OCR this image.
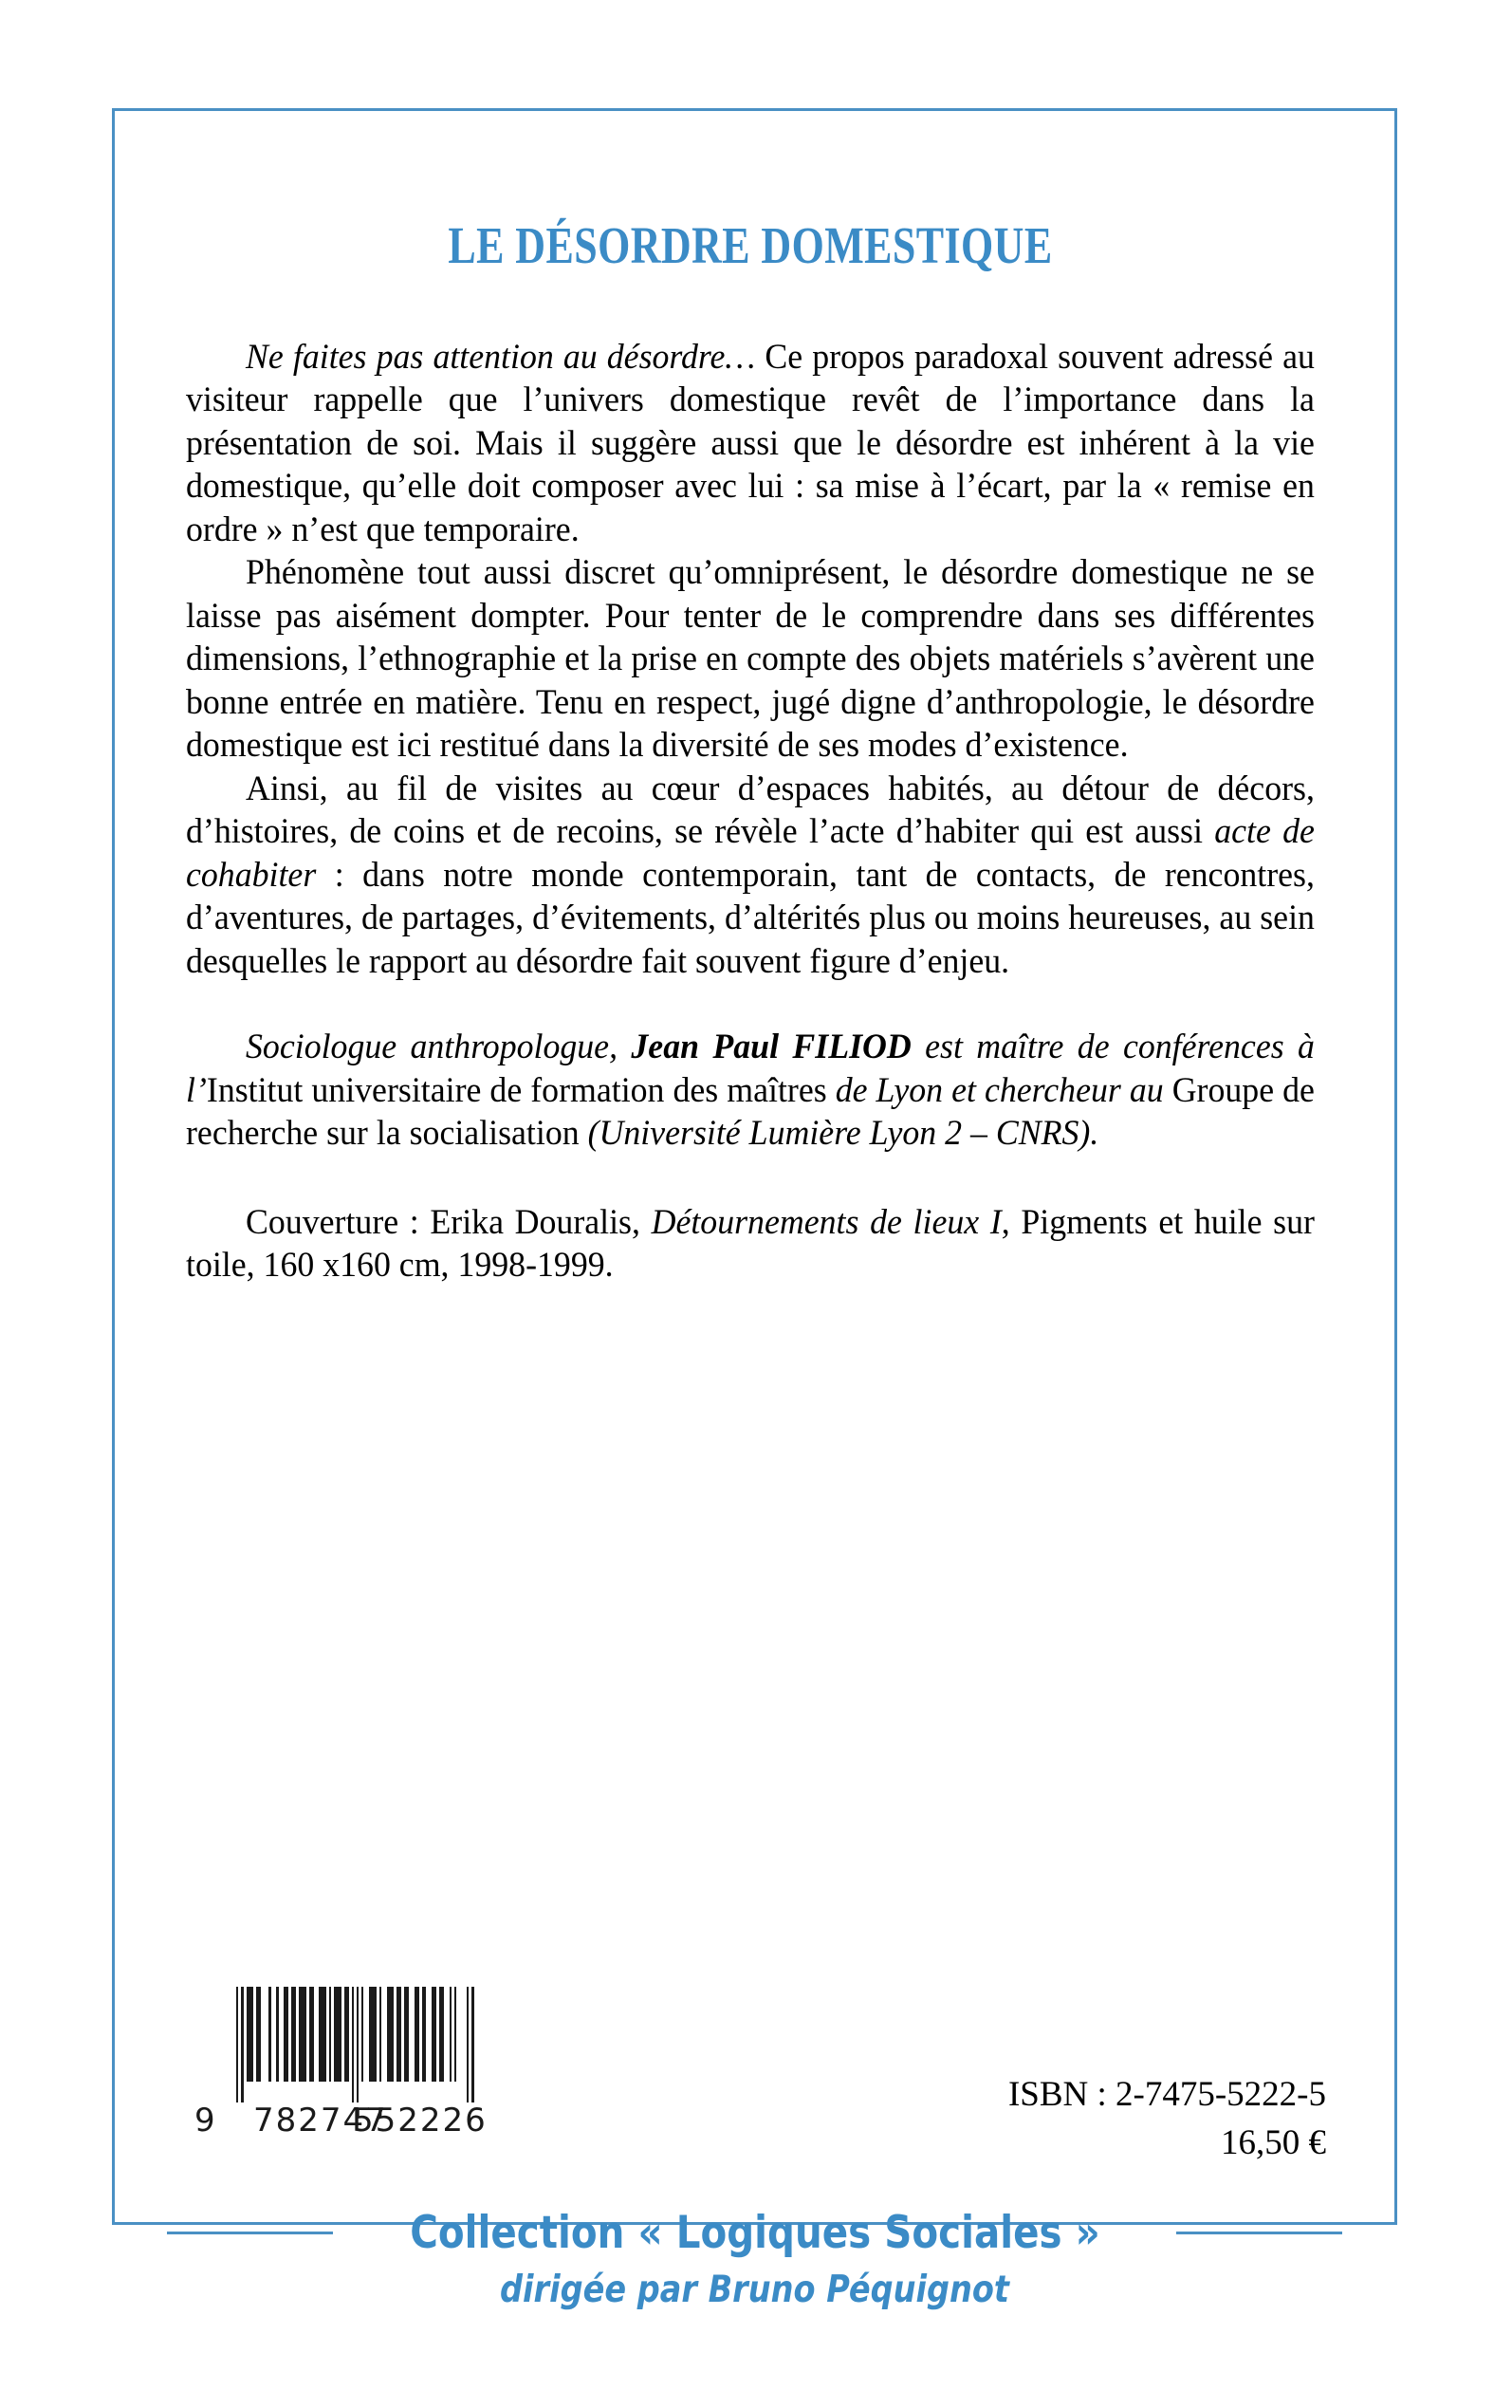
LE DÉSORDRE DOMESTIQUE

Ne faites pas attention au désordre… Ce propos paradoxal souvent adressé au visiteur rappelle que l’univers domestique revêt de l’importance dans la présentation de soi. Mais il suggère aussi que le désordre est inhérent à la vie domestique, qu’elle doit composer avec lui : sa mise à l’écart, par la « remise en ordre » n’est que temporaire.

Phénomène tout aussi discret qu’omniprésent, le désordre domestique ne se laisse pas aisément dompter. Pour tenter de le comprendre dans ses différentes dimensions, l’ethnographie et la prise en compte des objets matériels s’avèrent une bonne entrée en matière. Tenu en respect, jugé digne d’anthropologie, le désordre domestique est ici restitué dans la diversité de ses modes d’existence.

Ainsi, au fil de visites au cœur d’espaces habités, au détour de décors, d’histoires, de coins et de recoins, se révèle l’acte d’habiter qui est aussi acte de cohabiter : dans notre monde contemporain, tant de contacts, de rencontres, d’aventures, de partages, d’évitements, d’altérités plus ou moins heureuses, au sein desquelles le rapport au désordre fait souvent figure d’enjeu.

Sociologue anthropologue, Jean Paul FILIOD est maître de conférences à l’Institut universitaire de formation des maîtres de Lyon et chercheur au Groupe de recherche sur la socialisation (Université Lumière Lyon 2 – CNRS).

Couverture : Erika Douralis, Détournements de lieux I, Pigments et huile sur toile, 160 x160 cm, 1998-1999.

9 782747
552226
ISBN : 2-7475-5222-5
16,50 €
Collection « Logiques Sociales »
dirigée par Bruno Péquignot
